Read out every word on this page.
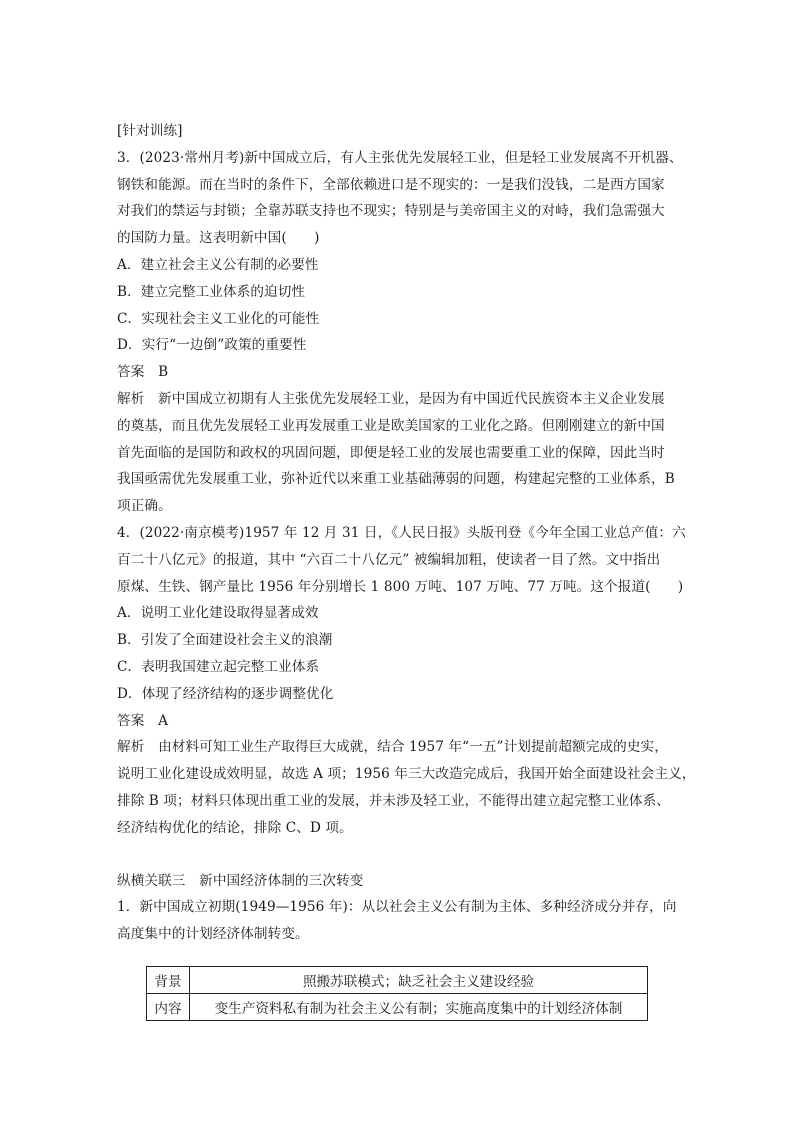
[针对训练]
3．(2023·常州月考)新中国成立后，有人主张优先发展轻工业，但是轻工业发展离不开机器、
钢铁和能源。而在当时的条件下，全部依赖进口是不现实的：一是我们没钱，二是西方国家
对我们的禁运与封锁；全靠苏联支持也不现实；特别是与美帝国主义的对峙，我们急需强大
的国防力量。这表明新中国(　　)
A．建立社会主义公有制的必要性
B．建立完整工业体系的迫切性
C．实现社会主义工业化的可能性
D．实行“一边倒”政策的重要性
答案　B
解析　新中国成立初期有人主张优先发展轻工业，是因为有中国近代民族资本主义企业发展
的奠基，而且优先发展轻工业再发展重工业是欧美国家的工业化之路。但刚刚建立的新中国
首先面临的是国防和政权的巩固问题，即便是轻工业的发展也需要重工业的保障，因此当时
我国亟需优先发展重工业，弥补近代以来重工业基础薄弱的问题，构建起完整的工业体系，B
项正确。
4．(2022·南京模考)1957 年 12 月 31 日，《人民日报》头版刊登《今年全国工业总产值：六
百二十八亿元》的报道，其中 “六百二十八亿元” 被编辑加粗，使读者一目了然。文中指出
原煤、生铁、钢产量比 1956 年分别增长 1 800 万吨、107 万吨、77 万吨。这个报道(　　)
A．说明工业化建设取得显著成效
B．引发了全面建设社会主义的浪潮
C．表明我国建立起完整工业体系
D．体现了经济结构的逐步调整优化
答案　A
解析　由材料可知工业生产取得巨大成就，结合 1957 年“一五”计划提前超额完成的史实，
说明工业化建设成效明显，故选 A 项；1956 年三大改造完成后，我国开始全面建设社会主义，
排除 B 项；材料只体现出重工业的发展，并未涉及轻工业，不能得出建立起完整工业体系、
经济结构优化的结论，排除 C、D 项。
纵横关联三　新中国经济体制的三次转变
1．新中国成立初期(1949—1956 年)：从以社会主义公有制为主体、多种经济成分并存，向
高度集中的计划经济体制转变。
背景	照搬苏联模式；缺乏社会主义建设经验
内容	变生产资料私有制为社会主义公有制；实施高度集中的计划经济体制
